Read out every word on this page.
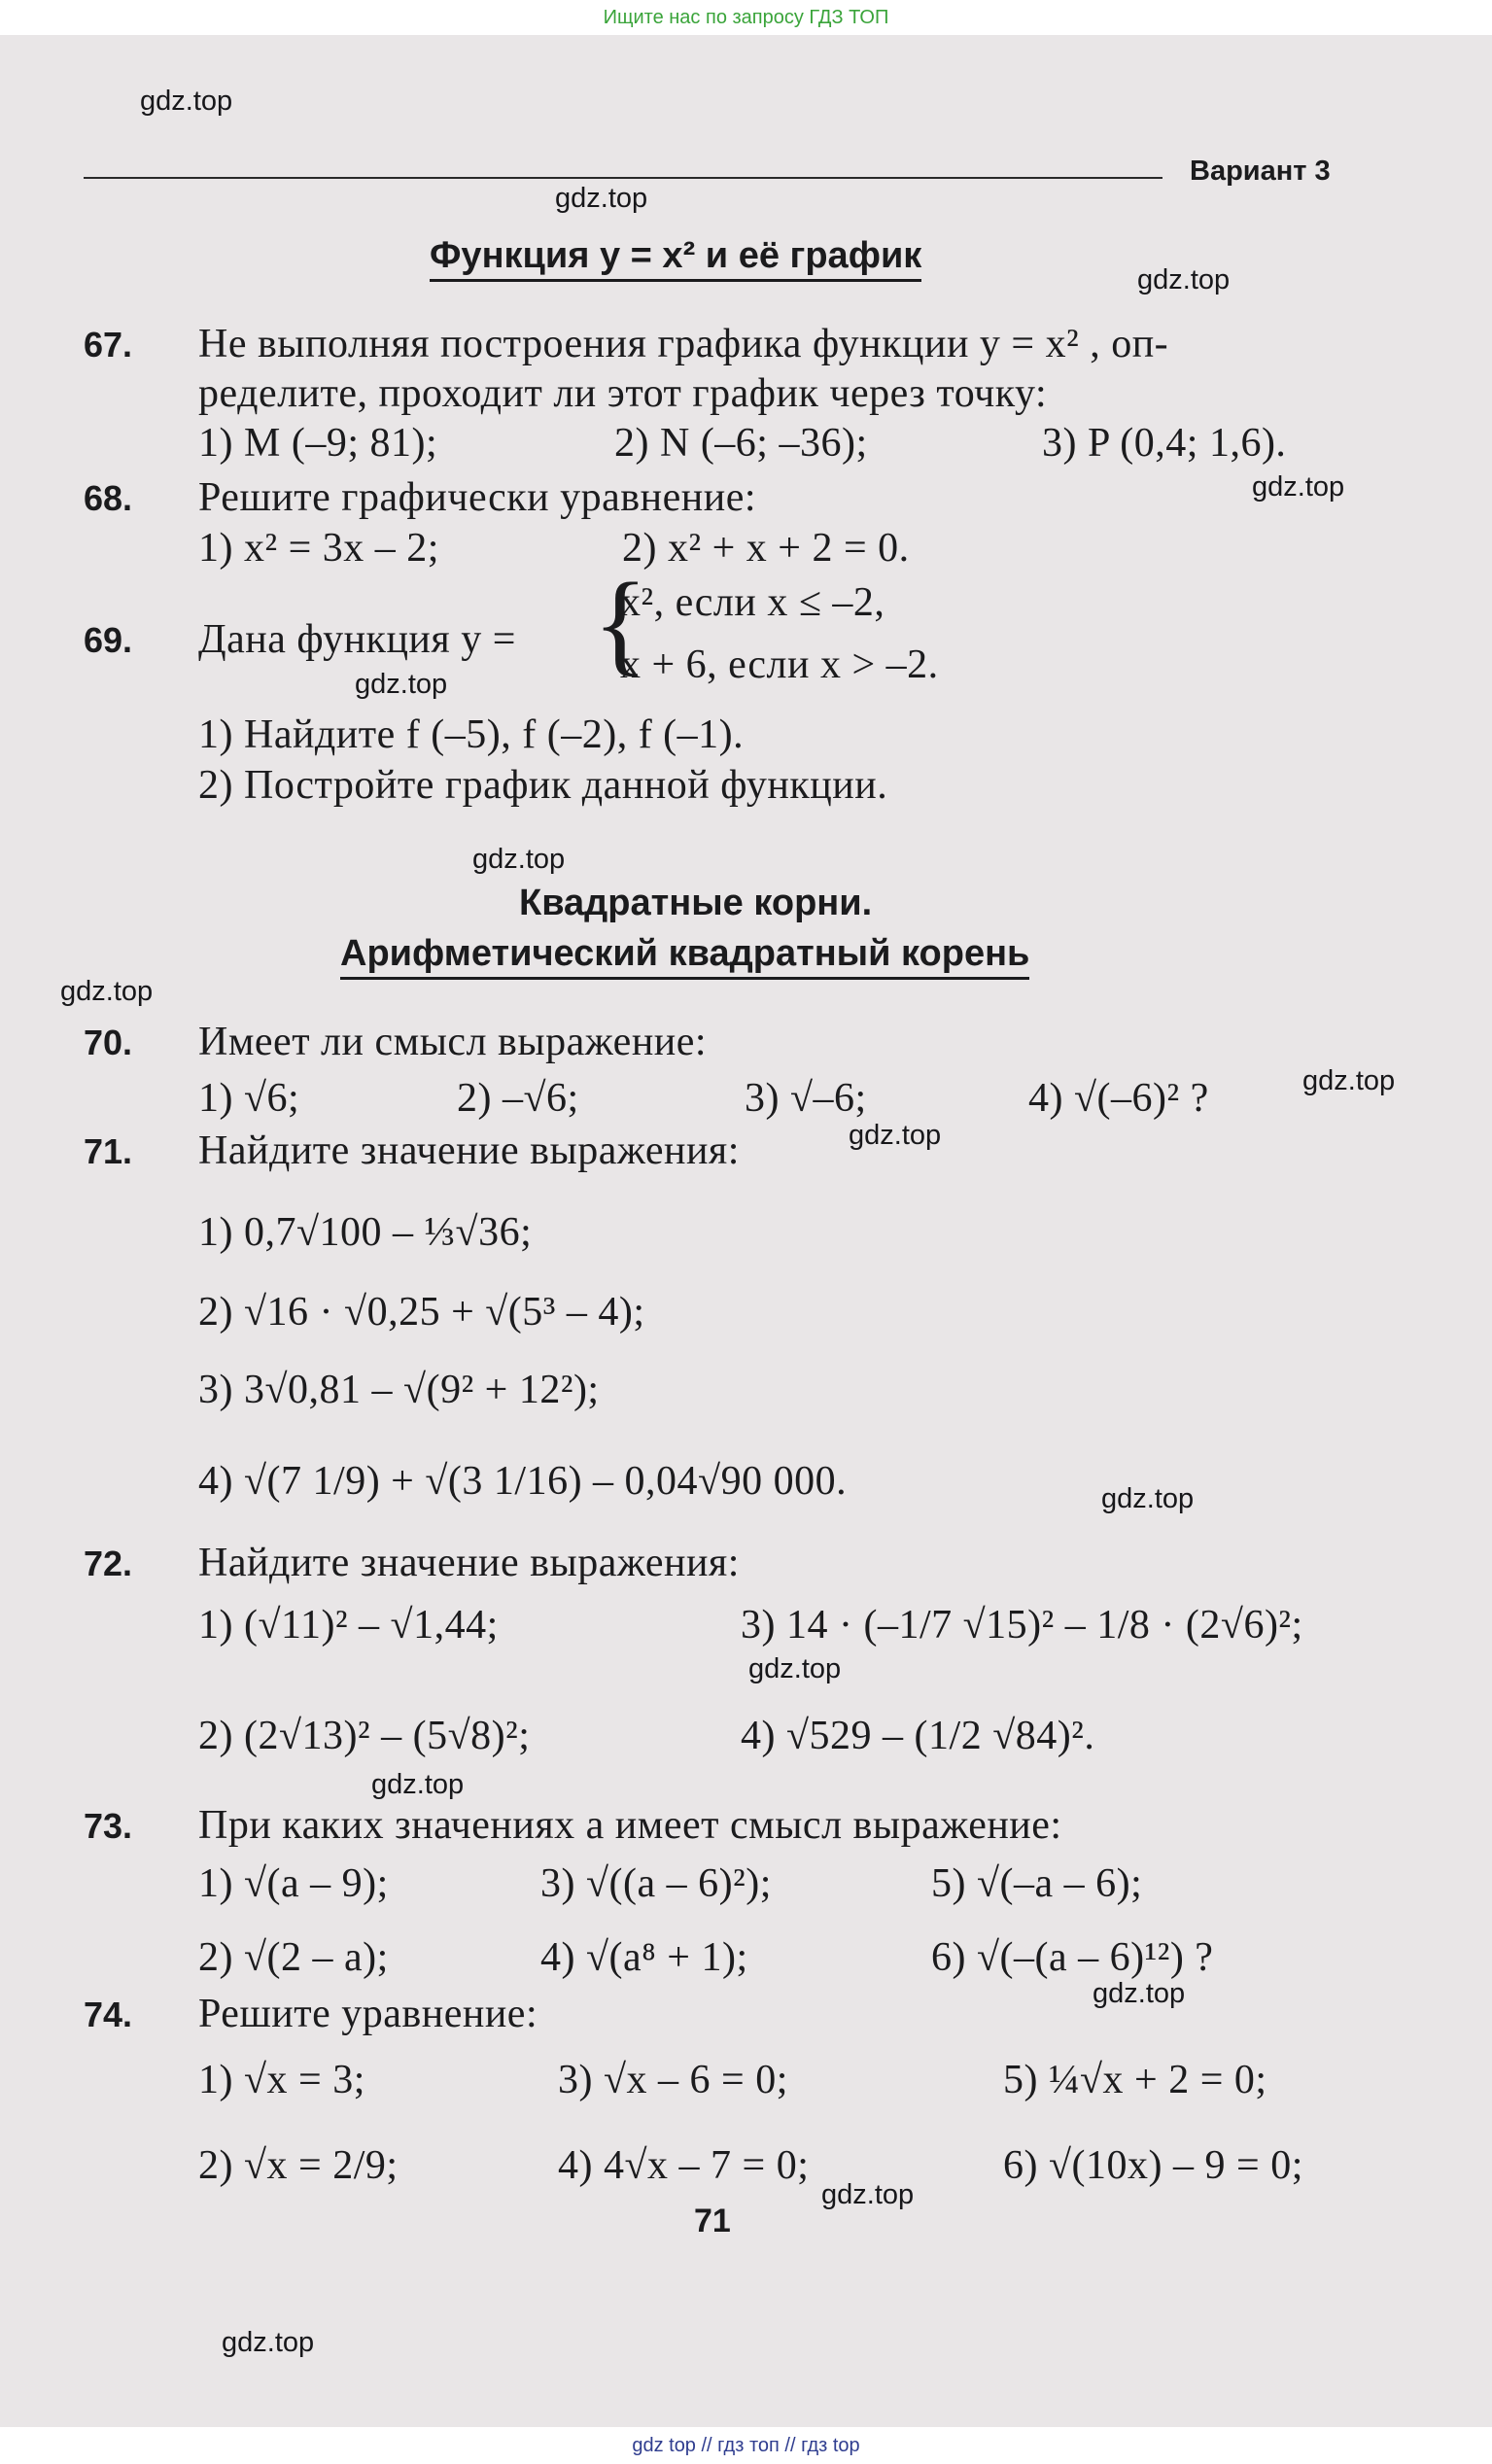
Ищите нас по запросу ГДЗ ТОП
gdz.top
gdz.top
gdz.top
gdz.top
gdz.top
gdz.top
gdz.top
gdz.top
gdz.top
gdz.top
gdz.top
gdz.top
gdz.top
gdz.top
gdz.top
Вариант 3
Функция y = x² и её график
67. Не выполняя построения графика функции y = x² , оп-
ределите, проходит ли этот график через точку:
1) M (–9; 81);	2) N (–6; –36);	3) P (0,4; 1,6).
68. Решите графически уравнение:
1) x² = 3x – 2;	2) x² + x + 2 = 0.
69. Дана функция y = {
x², если x ≤ –2,
x + 6, если x > –2.
1) Найдите f (–5), f (–2), f (–1).
2) Постройте график данной функции.
Квадратные корни.
Арифметический квадратный корень
70. Имеет ли смысл выражение:
1) √6;	2) –√6;	3) √–6;	4) √(–6)² ?
71. Найдите значение выражения:
1) 0,7√100 – ⅓√36;
2) √16 · √0,25 + √(5³ – 4);
3) 3√0,81 – √(9² + 12²);
4) √(7 1/9) + √(3 1/16) – 0,04√90 000.
72. Найдите значение выражения:
1) (√11)² – √1,44;	3) 14 · (–1/7 √15)² – 1/8 · (2√6)²;
2) (2√13)² – (5√8)²;	4) √529 – (1/2 √84)².
73. При каких значениях a имеет смысл выражение:
1) √(a – 9);	3) √((a – 6)²);	5) √(–a – 6);
2) √(2 – a);	4) √(a⁸ + 1);	6) √(–(a – 6)¹²) ?
74. Решите уравнение:
1) √x = 3;	3) √x – 6 = 0;	5) ¼√x + 2 = 0;
2) √x = 2/9;	4) 4√x – 7 = 0;	6) √(10x) – 9 = 0;
71
gdz top // гдз топ // гдз top
